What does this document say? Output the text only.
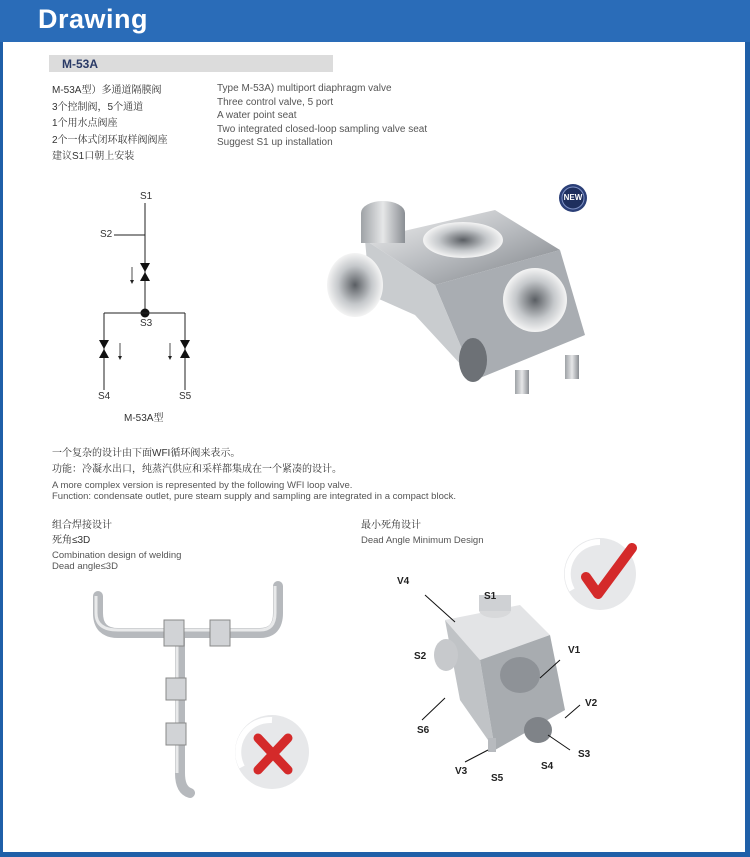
Drawing
M-53A
M-53A型）多通道隔膜阀
3个控制阀，5个通道
1个用水点阀座
2个一体式闭环取样阀阀座
建议S1口朝上安装
Type M-53A) multiport diaphragm valve
Three control valve, 5 port
A water point seat
Two integrated closed-loop sampling valve seat
Suggest S1 up installation
S1
S2
S3
S4	S5
M-53A型
NEW
一个复杂的设计由下面WFI循环阀来表示。
功能：冷凝水出口，纯蒸汽供应和采样都集成在一个紧凑的设计。
A more complex version is represented by the following WFI loop valve.
Function: condensate outlet, pure steam supply and sampling are integrated in a compact block.
组合焊接设计
死角≤3D
Combination design of welding
Dead angle≤3D
最小死角设计
Dead Angle Minimum Design
V4
S1
S2
V1
V2
S6
S3
V3	S4
S5
